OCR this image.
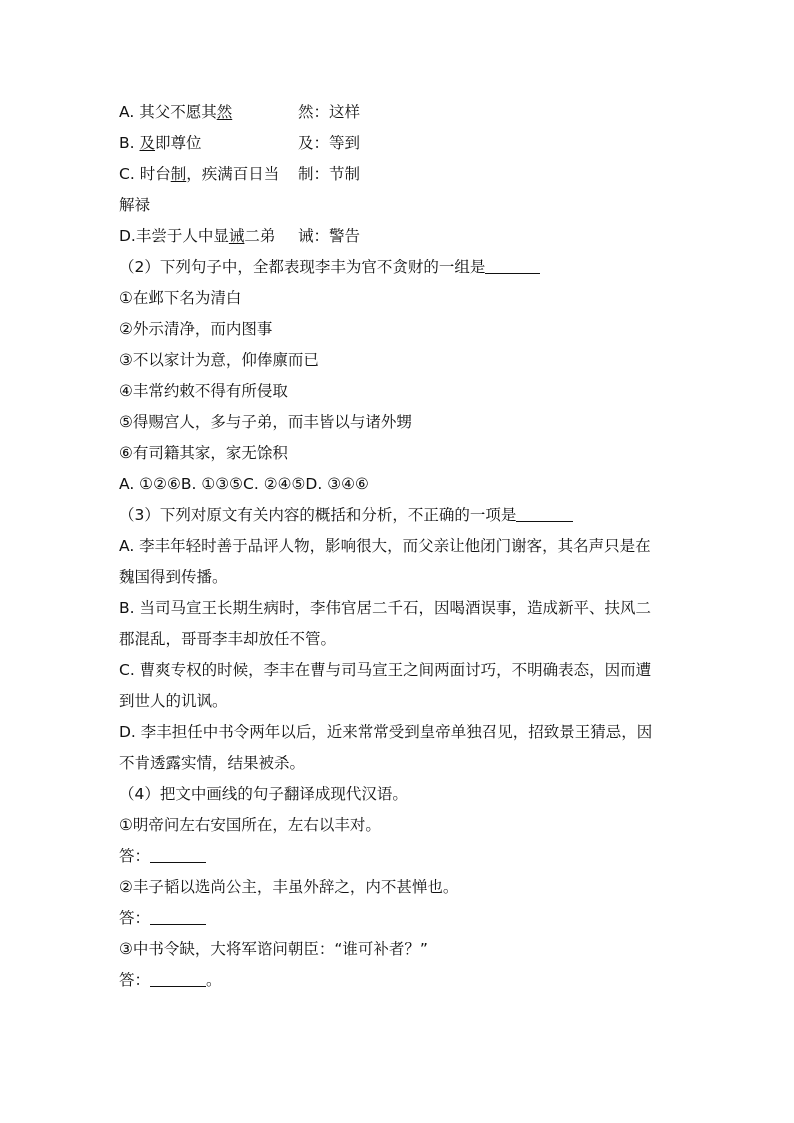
A. 其父不愿其然	然：这样
B. 及即尊位	及：等到
C. 时台制，疾满百日当 制：节制
解禄
D.丰尝于人中显诫二弟 诫：警告
（2）下列句子中，全都表现李丰为官不贪财的一组是
①在邺下名为清白
②外示清净，而内图事
③不以家计为意，仰俸廪而已
④丰常约敕不得有所侵取
⑤得赐宫人，多与子弟，而丰皆以与诸外甥
⑥有司籍其家，家无馀积
A. ①②⑥B. ①③⑤C. ②④⑤D. ③④⑥
（3）下列对原文有关内容的概括和分析，不正确的一项是
A. 李丰年轻时善于品评人物，影响很大，而父亲让他闭门谢客，其名声只是在
魏国得到传播。
B. 当司马宣王长期生病时，李伟官居二千石，因喝酒误事，造成新平、扶风二
郡混乱，哥哥李丰却放任不管。
C. 曹爽专权的时候，李丰在曹与司马宣王之间两面讨巧，不明确表态，因而遭
到世人的讥讽。
D. 李丰担任中书令两年以后，近来常常受到皇帝单独召见，招致景王猜忌，因
不肯透露实情，结果被杀。
（4）把文中画线的句子翻译成现代汉语。
①明帝问左右安国所在，左右以丰对。
答：
②丰子韬以选尚公主，丰虽外辞之，内不甚惮也。
答：
③中书令缺，大将军谘问朝臣：“谁可补者？”
答：	。
